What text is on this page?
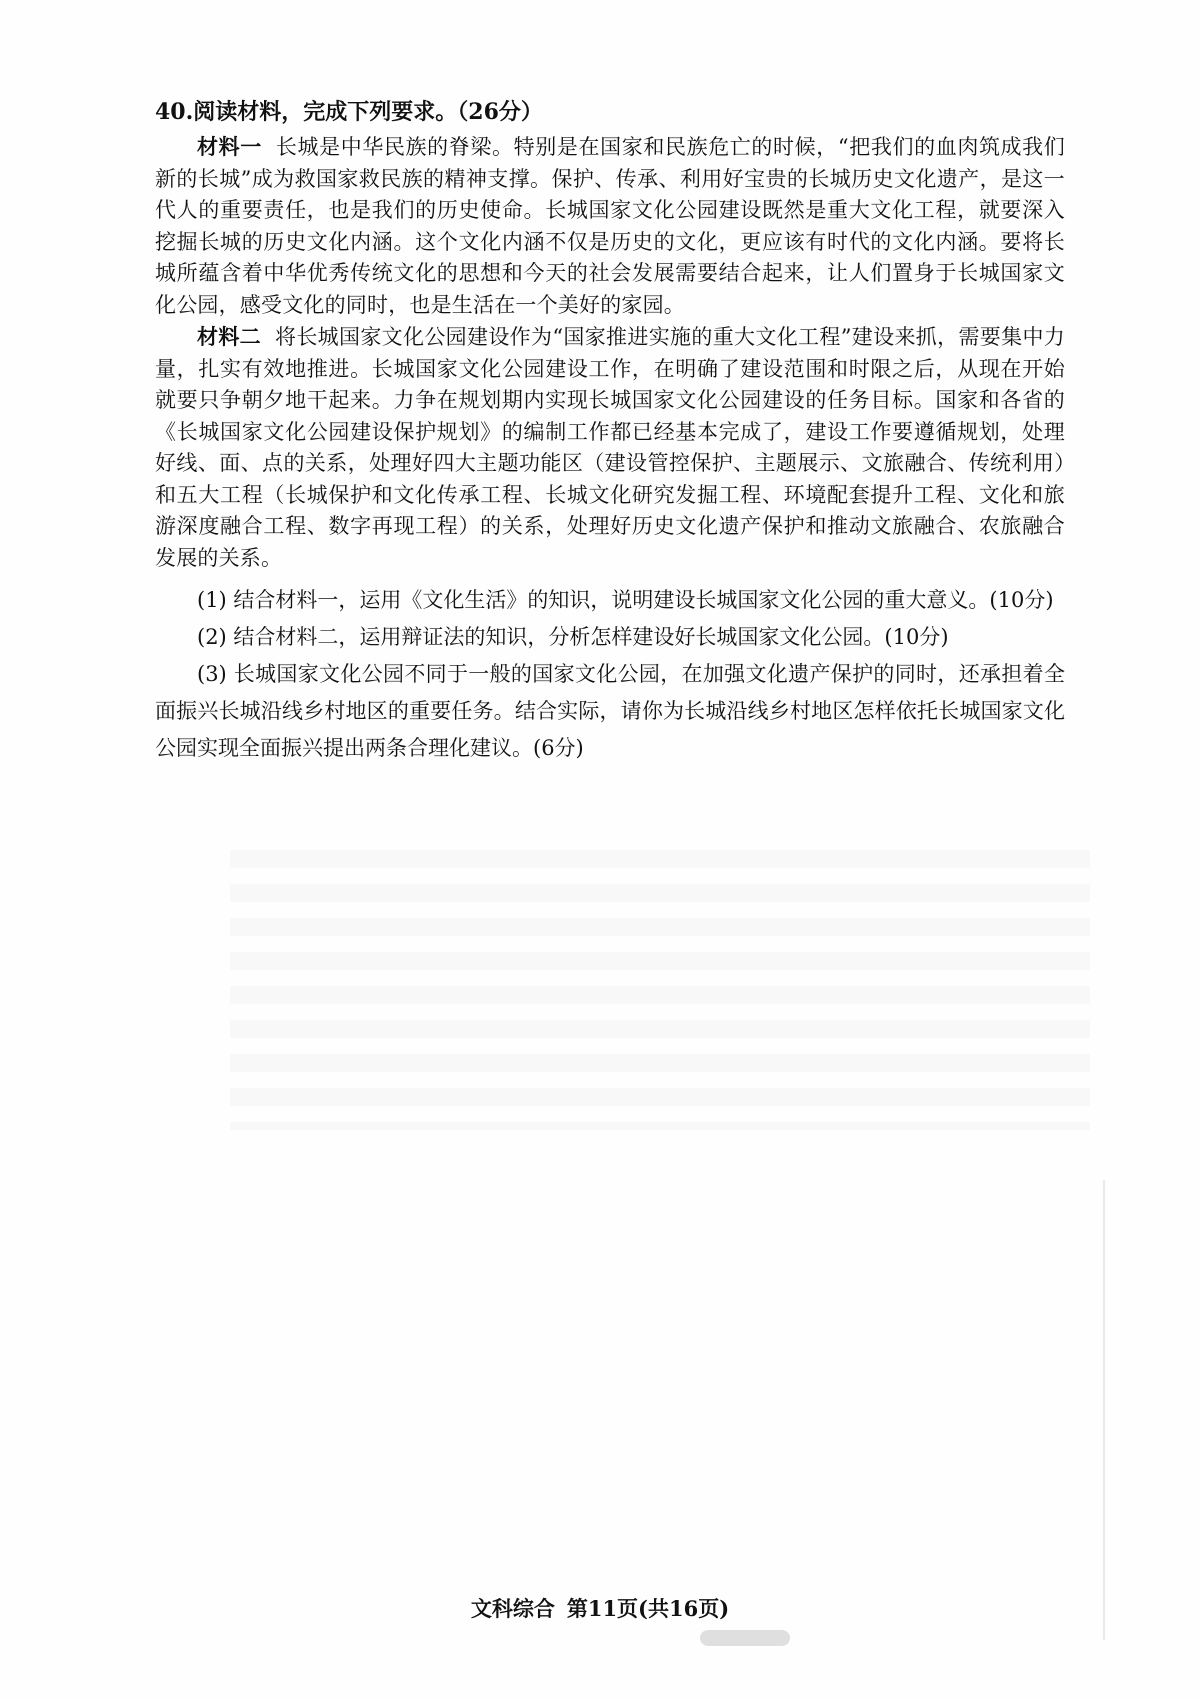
40.阅读材料，完成下列要求。（26分）

材料一 长城是中华民族的脊梁。特别是在国家和民族危亡的时候，“把我们的血肉筑成我们新的长城”成为救国家救民族的精神支撑。保护、传承、利用好宝贵的长城历史文化遗产，是这一代人的重要责任，也是我们的历史使命。长城国家文化公园建设既然是重大文化工程，就要深入挖掘长城的历史文化内涵。这个文化内涵不仅是历史的文化，更应该有时代的文化内涵。要将长城所蕴含着中华优秀传统文化的思想和今天的社会发展需要结合起来，让人们置身于长城国家文化公园，感受文化的同时，也是生活在一个美好的家园。

材料二 将长城国家文化公园建设作为“国家推进实施的重大文化工程”建设来抓，需要集中力量，扎实有效地推进。长城国家文化公园建设工作，在明确了建设范围和时限之后，从现在开始就要只争朝夕地干起来。力争在规划期内实现长城国家文化公园建设的任务目标。国家和各省的《长城国家文化公园建设保护规划》的编制工作都已经基本完成了，建设工作要遵循规划，处理好线、面、点的关系，处理好四大主题功能区（建设管控保护、主题展示、文旅融合、传统利用）和五大工程（长城保护和文化传承工程、长城文化研究发掘工程、环境配套提升工程、文化和旅游深度融合工程、数字再现工程）的关系，处理好历史文化遗产保护和推动文旅融合、农旅融合发展的关系。

(1) 结合材料一，运用《文化生活》的知识，说明建设长城国家文化公园的重大意义。(10分)

(2) 结合材料二，运用辩证法的知识，分析怎样建设好长城国家文化公园。(10分)

(3) 长城国家文化公园不同于一般的国家文化公园，在加强文化遗产保护的同时，还承担着全面振兴长城沿线乡村地区的重要任务。结合实际，请你为长城沿线乡村地区怎样依托长城国家文化公园实现全面振兴提出两条合理化建议。(6分)

文科综合 第11页(共16页)
